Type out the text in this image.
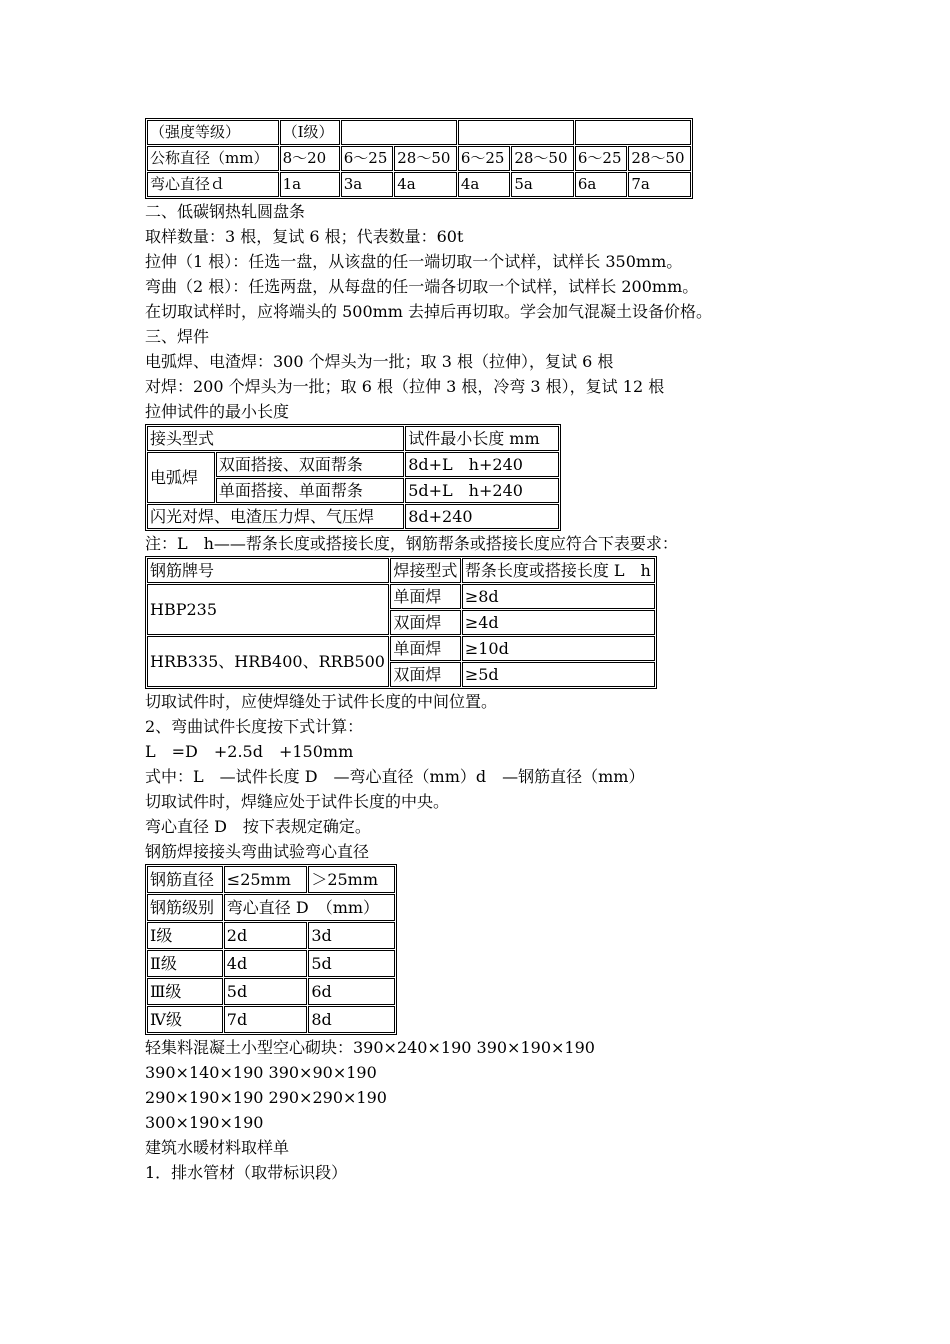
（强度等级）	（Ⅰ级）						
公称直径（mm）	8～20	6～25	28～50	6～25	28～50	6～25	28～50
弯心直径ｄ	1a	3a	4a	4a	5a	6a	7a

二、低碳钢热轧圆盘条

取样数量：3 根，复试 6 根；代表数量：60t

拉伸（1 根）：任选一盘，从该盘的任一端切取一个试样，试样长 350mm。

弯曲（2 根）：任选两盘，从每盘的任一端各切取一个试样，试样长 200mm。

在切取试样时，应将端头的 500mm 去掉后再切取。学会加气混凝土设备价格。

三、焊件

电弧焊、电渣焊：300 个焊头为一批；取 3 根（拉伸），复试 6 根

对焊：200 个焊头为一批；取 6 根（拉伸 3 根，冷弯 3 根），复试 12 根

拉伸试件的最小长度

接头型式		试件最小长度 mm
电弧焊	双面搭接、双面帮条	8d+L　h+240
	单面搭接、单面帮条	5d+L　h+240
闪光对焊、电渣压力焊、气压焊		8d+240

注：L　h——帮条长度或搭接长度，钢筋帮条或搭接长度应符合下表要求：

钢筋牌号	焊接型式	帮条长度或搭接长度 L　h
HBP235	单面焊	≥8d
	双面焊	≥4d
HRB335、HRB400、RRB500	单面焊	≥10d
	双面焊	≥5d

切取试件时，应使焊缝处于试件长度的中间位置。

2、弯曲试件长度按下式计算：

L　=D　+2.5d　+150mm

式中：L　—试件长度 D　—弯心直径（mm）d　—钢筋直径（mm）

切取试件时，焊缝应处于试件长度的中央。

弯心直径 D　按下表规定确定。

钢筋焊接接头弯曲试验弯心直径

钢筋直径	≤25mm	＞25mm
钢筋级别	弯心直径 D　（mm）	
Ⅰ级	2d	3d
Ⅱ级	4d	5d
Ⅲ级	5d	6d
Ⅳ级	7d	8d

轻集料混凝土小型空心砌块：390×240×190 390×190×190

390×140×190 390×90×190

290×190×190 290×290×190

300×190×190

建筑水暖材料取样单

1．排水管材（取带标识段）
